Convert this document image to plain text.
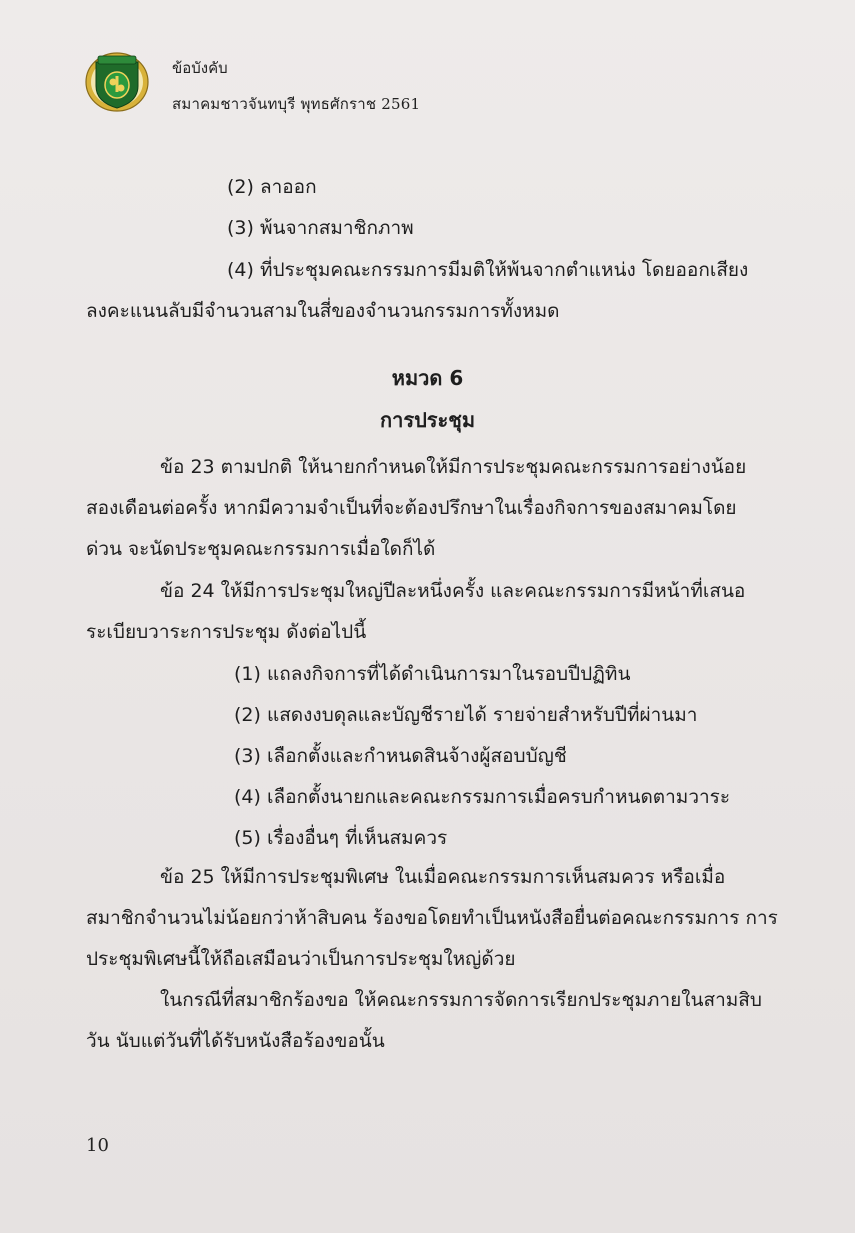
ข้อบังคับ
สมาคมชาวจันทบุรี พุทธศักราช 2561
(2) ลาออก
(3) พ้นจากสมาชิกภาพ
(4) ที่ประชุมคณะกรรมการมีมติให้พ้นจากตำแหน่ง โดยออกเสียง
ลงคะแนนลับมีจำนวนสามในสี่ของจำนวนกรรมการทั้งหมด
หมวด 6
การประชุม
ข้อ 23 ตามปกติ ให้นายกกำหนดให้มีการประชุมคณะกรรมการอย่างน้อย
สองเดือนต่อครั้ง หากมีความจำเป็นที่จะต้องปรึกษาในเรื่องกิจการของสมาคมโดย
ด่วน จะนัดประชุมคณะกรรมการเมื่อใดก็ได้
ข้อ 24 ให้มีการประชุมใหญ่ปีละหนึ่งครั้ง และคณะกรรมการมีหน้าที่เสนอ
ระเบียบวาระการประชุม ดังต่อไปนี้
(1) แถลงกิจการที่ได้ดำเนินการมาในรอบปีปฏิทิน
(2) แสดงงบดุลและบัญชีรายได้ รายจ่ายสำหรับปีที่ผ่านมา
(3) เลือกตั้งและกำหนดสินจ้างผู้สอบบัญชี
(4) เลือกตั้งนายกและคณะกรรมการเมื่อครบกำหนดตามวาระ
(5) เรื่องอื่นๆ ที่เห็นสมควร
ข้อ 25 ให้มีการประชุมพิเศษ ในเมื่อคณะกรรมการเห็นสมควร หรือเมื่อ
สมาชิกจำนวนไม่น้อยกว่าห้าสิบคน ร้องขอโดยทำเป็นหนังสือยื่นต่อคณะกรรมการ การ
ประชุมพิเศษนี้ให้ถือเสมือนว่าเป็นการประชุมใหญ่ด้วย
ในกรณีที่สมาชิกร้องขอ ให้คณะกรรมการจัดการเรียกประชุมภายในสามสิบ
วัน นับแต่วันที่ได้รับหนังสือร้องขอนั้น
10
